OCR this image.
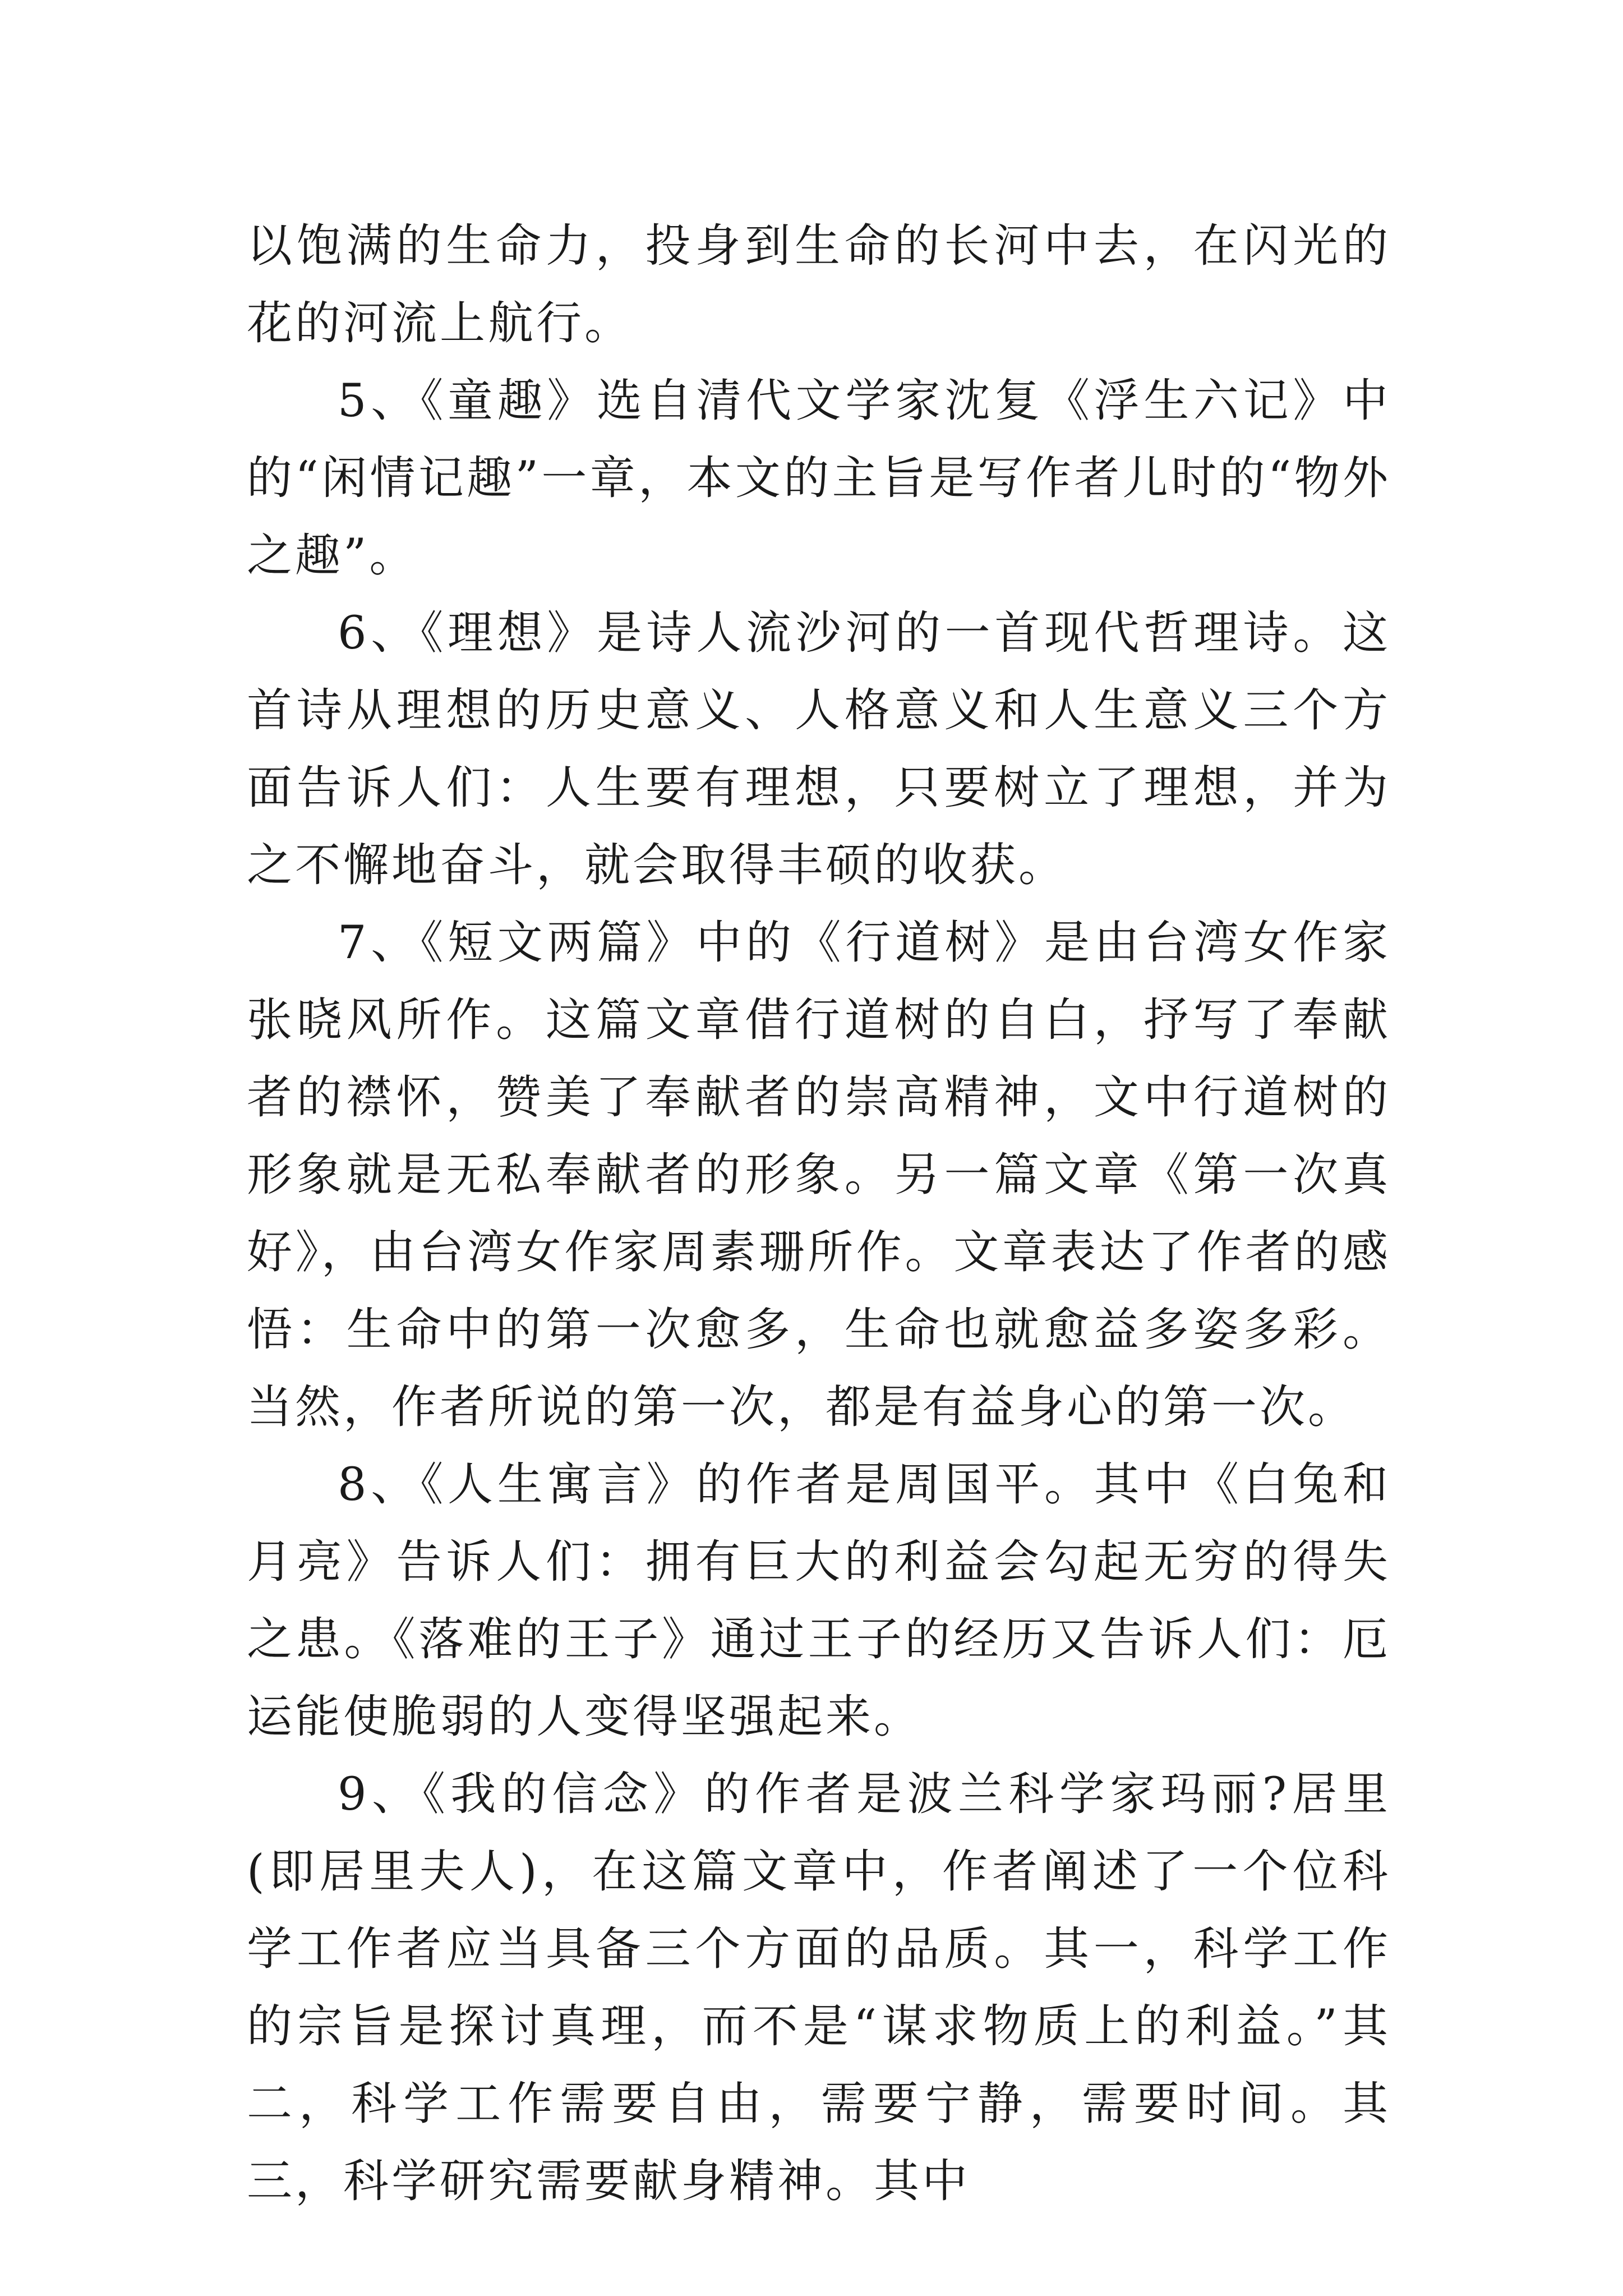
以饱满的生命力，投身到生命的长河中去，在闪光的花的河流上航行。

5、《童趣》选自清代文学家沈复《浮生六记》中的“闲情记趣”一章，本文的主旨是写作者儿时的“物外之趣”。

6、《理想》是诗人流沙河的一首现代哲理诗。这首诗从理想的历史意义、人格意义和人生意义三个方面告诉人们：人生要有理想，只要树立了理想，并为之不懈地奋斗，就会取得丰硕的收获。

7、《短文两篇》中的《行道树》是由台湾女作家张晓风所作。这篇文章借行道树的自白，抒写了奉献者的襟怀，赞美了奉献者的崇高精神，文中行道树的形象就是无私奉献者的形象。另一篇文章《第一次真好》，由台湾女作家周素珊所作。文章表达了作者的感悟：生命中的第一次愈多，生命也就愈益多姿多彩。当然，作者所说的第一次，都是有益身心的第一次。

8、《人生寓言》的作者是周国平。其中《白兔和月亮》告诉人们：拥有巨大的利益会勾起无穷的得失之患。《落难的王子》通过王子的经历又告诉人们：厄运能使脆弱的人变得坚强起来。

9、《我的信念》的作者是波兰科学家玛丽?居里(即居里夫人)，在这篇文章中，作者阐述了一个位科学工作者应当具备三个方面的品质。其一，科学工作的宗旨是探讨真理，而不是“谋求物质上的利益。”其二，科学工作需要自由，需要宁静，需要时间。其三，科学研究需要献身精神。其中
